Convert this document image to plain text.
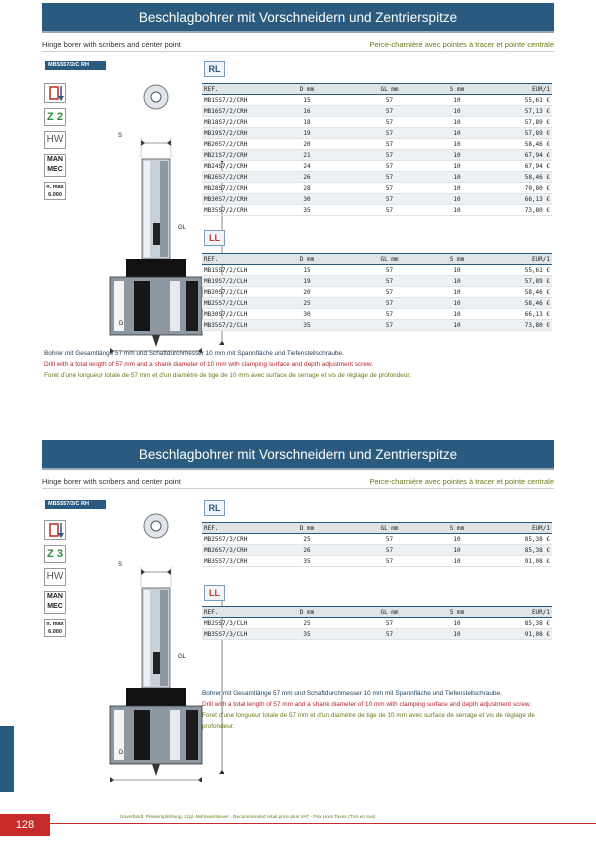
Beschlagbohrer mit Vorschneidern und Zentrierspitze
Hinge borer with scribers and center point	Perce-charnière avec pointes à tracer et pointe centrale
MBS557/2/C RH
Z 2
HW
MAN
MEC
n. max
6.000
S
GL
D
RL
REF.	D mm	GL mm	S mm	EUR/1
MB15S7/2/CRH	15	57	10	55,61 €
MB16S7/2/CRH	16	57	10	57,13 €
MB18S7/2/CRH	18	57	10	57,89 €
MB19S7/2/CRH	19	57	10	57,89 €
MB20S7/2/CRH	20	57	10	58,46 €
MB21S7/2/CRH	21	57	10	67,94 €
MB24S7/2/CRH	24	57	10	67,94 €
MB26S7/2/CRH	26	57	10	58,46 €
MB28S7/2/CRH	28	57	10	70,80 €
MB30S7/2/CRH	30	57	10	66,13 €
MB35S7/2/CRH	35	57	10	73,80 €
LL
REF.	D mm	GL mm	S mm	EUR/1
MB15S7/2/CLH	15	57	10	55,61 €
MB19S7/2/CLH	19	57	10	57,89 €
MB20S7/2/CLH	20	57	10	58,46 €
MB25S7/2/CLH	25	57	10	58,46 €
MB30S7/2/CLH	30	57	10	66,13 €
MB35S7/2/CLH	35	57	10	73,80 €

Bohrer mit Gesamtlänge 57 mm und Schaftdurchmesser 10 mm mit Spannfläche und Tiefenstellschraube.

Drill with a total length of 57 mm and a shank diameter of 10 mm with clamping surface and depth adjustment screw.

Foret d'une longueur totale de 57 mm et d'un diamètre de tige de 10 mm avec surface de serrage et vis de réglage de profondeur.

Beschlagbohrer mit Vorschneidern und Zentrierspitze
Hinge borer with scribers and center point	Perce-charnière avec pointes à tracer et pointe centrale
MBS557/3/C RH
Z 3
HW
MAN
MEC
n. max
6.000
S
GL
D
RL
REF.	D mm	GL mm	S mm	EUR/1
MB25S7/3/CRH	25	57	10	85,38 €
MB26S7/3/CRH	26	57	10	85,38 €
MB35S7/3/CRH	35	57	10	91,08 €
LL
REF.	D mm	GL mm	S mm	EUR/1
MB25S7/3/CLH	25	57	10	85,38 €
MB35S7/3/CLH	35	57	10	91,08 €

Bohrer mit Gesamtlänge 57 mm und Schaftdurchmesser 10 mm mit Spannfläche und Tiefenstellschraube.

Drill with a total length of 57 mm and a shank diameter of 10 mm with clamping surface and depth adjustment screw.

Foret d'une longueur totale de 57 mm et d'un diamètre de tige de 10 mm avec surface de serrage et vis de réglage de profondeur.

128
Unverbindl. Preisempfehlung, zzgl. Mehrwertsteuer - Recommended retail price plus VAT - Prix Hors Taxes (TVA en sus)
